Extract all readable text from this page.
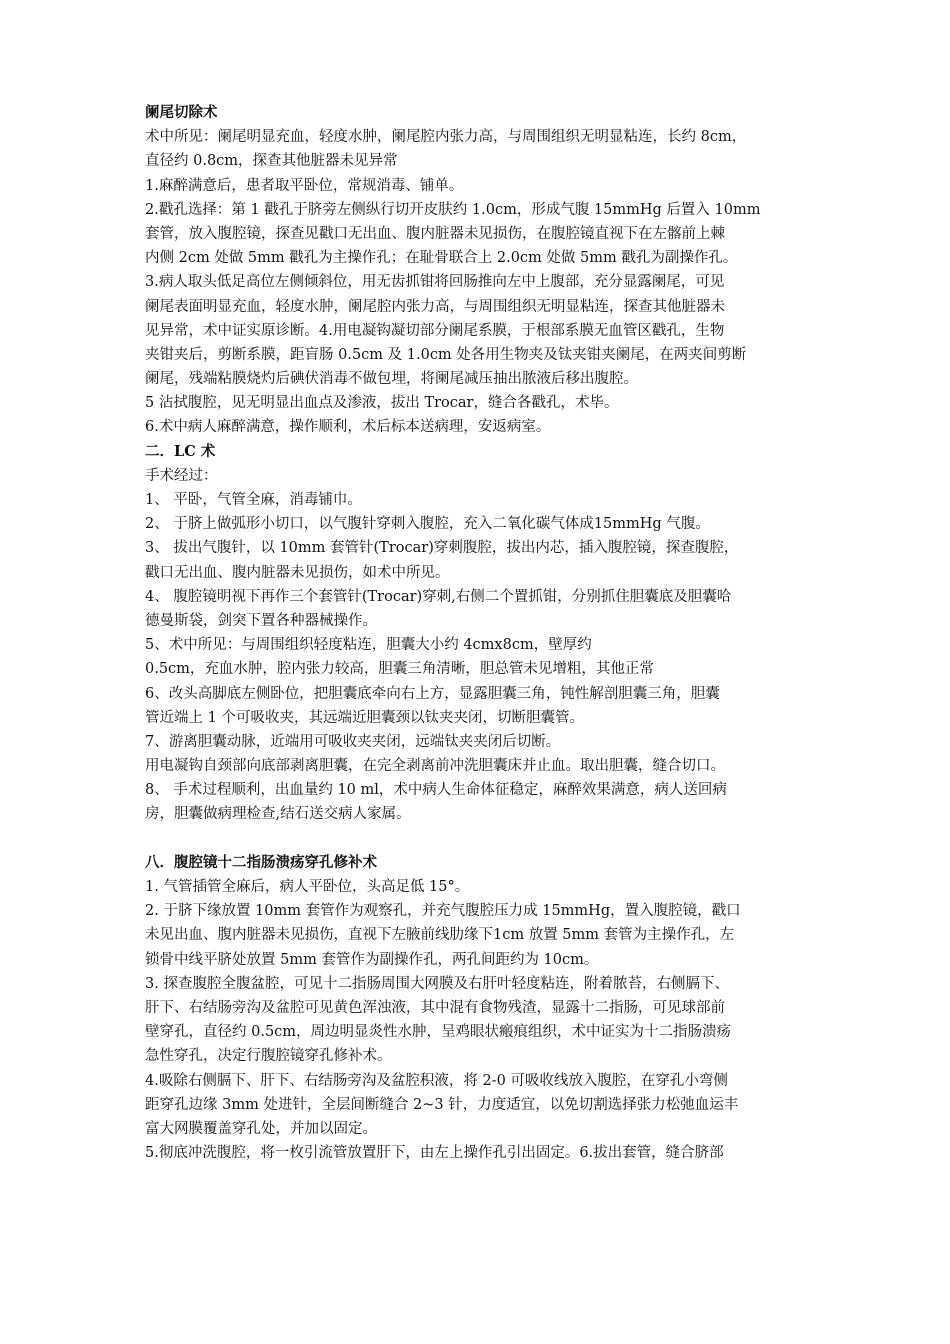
阑尾切除术
术中所见：阑尾明显充血，轻度水肿，阑尾腔内张力高，与周围组织无明显粘连，长约 8cm，
直径约 0.8cm，探查其他脏器未见异常
1.麻醉满意后，患者取平卧位，常规消毒、铺单。
2.戳孔选择：第 1 戳孔于脐旁左侧纵行切开皮肤约 1.0cm，形成气腹 15mmHg 后置入 10mm
套管，放入腹腔镜，探查见戳口无出血、腹内脏器未见损伤，在腹腔镜直视下在左髂前上棘
内侧 2cm 处做 5mm 戳孔为主操作孔；在耻骨联合上 2.0cm 处做 5mm 戳孔为副操作孔。
3.病人取头低足高位左侧倾斜位，用无齿抓钳将回肠推向左中上腹部，充分显露阑尾，可见
阑尾表面明显充血，轻度水肿，阑尾腔内张力高，与周围组织无明显粘连，探查其他脏器未
见异常，术中证实原诊断。4.用电凝钩凝切部分阑尾系膜，于根部系膜无血管区戳孔，生物
夹钳夹后，剪断系膜，距盲肠 0.5cm 及 1.0cm 处各用生物夹及钛夹钳夹阑尾，在两夹间剪断
阑尾，残端粘膜烧灼后碘伏消毒不做包埋，将阑尾减压抽出脓液后移出腹腔。
5 沾拭腹腔，见无明显出血点及渗液，拔出 Trocar，缝合各戳孔，术毕。
6.术中病人麻醉满意，操作顺利，术后标本送病理，安返病室。
二．LC 术
手术经过：
1、 平卧，气管全麻，消毒铺巾。
2、 于脐上做弧形小切口，以气腹针穿刺入腹腔，充入二氧化碳气体成15mmHg 气腹。
3、 拔出气腹针，以 10mm 套管针(Trocar)穿刺腹腔，拔出内芯，插入腹腔镜，探查腹腔，
戳口无出血、腹内脏器未见损伤，如术中所见。
4、 腹腔镜明视下再作三个套管针(Trocar)穿刺,右侧二个置抓钳，分别抓住胆囊底及胆囊哈
德曼斯袋，剑突下置各种器械操作。
5、术中所见：与周围组织轻度粘连，胆囊大小约 4cmx8cm，壁厚约
0.5cm，充血水肿，腔内张力较高，胆囊三角清晰，胆总管未见增粗，其他正常
6、改头高脚底左侧卧位，把胆囊底牵向右上方，显露胆囊三角，钝性解剖胆囊三角，胆囊
管近端上 1 个可吸收夹，其远端近胆囊颈以钛夹夹闭，切断胆囊管。
7、游离胆囊动脉，近端用可吸收夹夹闭，远端钛夹夹闭后切断。
用电凝钩自颈部向底部剥离胆囊，在完全剥离前冲洗胆囊床并止血。取出胆囊，缝合切口。
8、 手术过程顺利，出血量约 10 ml，术中病人生命体征稳定，麻醉效果满意，病人送回病
房，胆囊做病理检查,结石送交病人家属。
八．腹腔镜十二指肠溃疡穿孔修补术
1. 气管插管全麻后，病人平卧位，头高足低 15°。
2. 于脐下缘放置 10mm 套管作为观察孔，并充气腹腔压力成 15mmHg，置入腹腔镜，戳口
未见出血、腹内脏器未见损伤，直视下左腋前线肋缘下1cm 放置 5mm 套管为主操作孔，左
锁骨中线平脐处放置 5mm 套管作为副操作孔，两孔间距约为 10cm。
3. 探查腹腔全腹盆腔，可见十二指肠周围大网膜及右肝叶轻度粘连，附着脓苔，右侧膈下、
肝下、右结肠旁沟及盆腔可见黄色浑浊液，其中混有食物残渣，显露十二指肠，可见球部前
壁穿孔，直径约 0.5cm，周边明显炎性水肿，呈鸡眼状瘢痕组织，术中证实为十二指肠溃疡
急性穿孔，决定行腹腔镜穿孔修补术。
4.吸除右侧膈下、肝下、右结肠旁沟及盆腔积液，将 2-0 可吸收线放入腹腔，在穿孔小弯侧
距穿孔边缘 3mm 处进针，全层间断缝合 2~3 针，力度适宜，以免切割选择张力松弛血运丰
富大网膜覆盖穿孔处，并加以固定。
5.彻底冲洗腹腔，将一枚引流管放置肝下，由左上操作孔引出固定。6.拔出套管，缝合脐部
